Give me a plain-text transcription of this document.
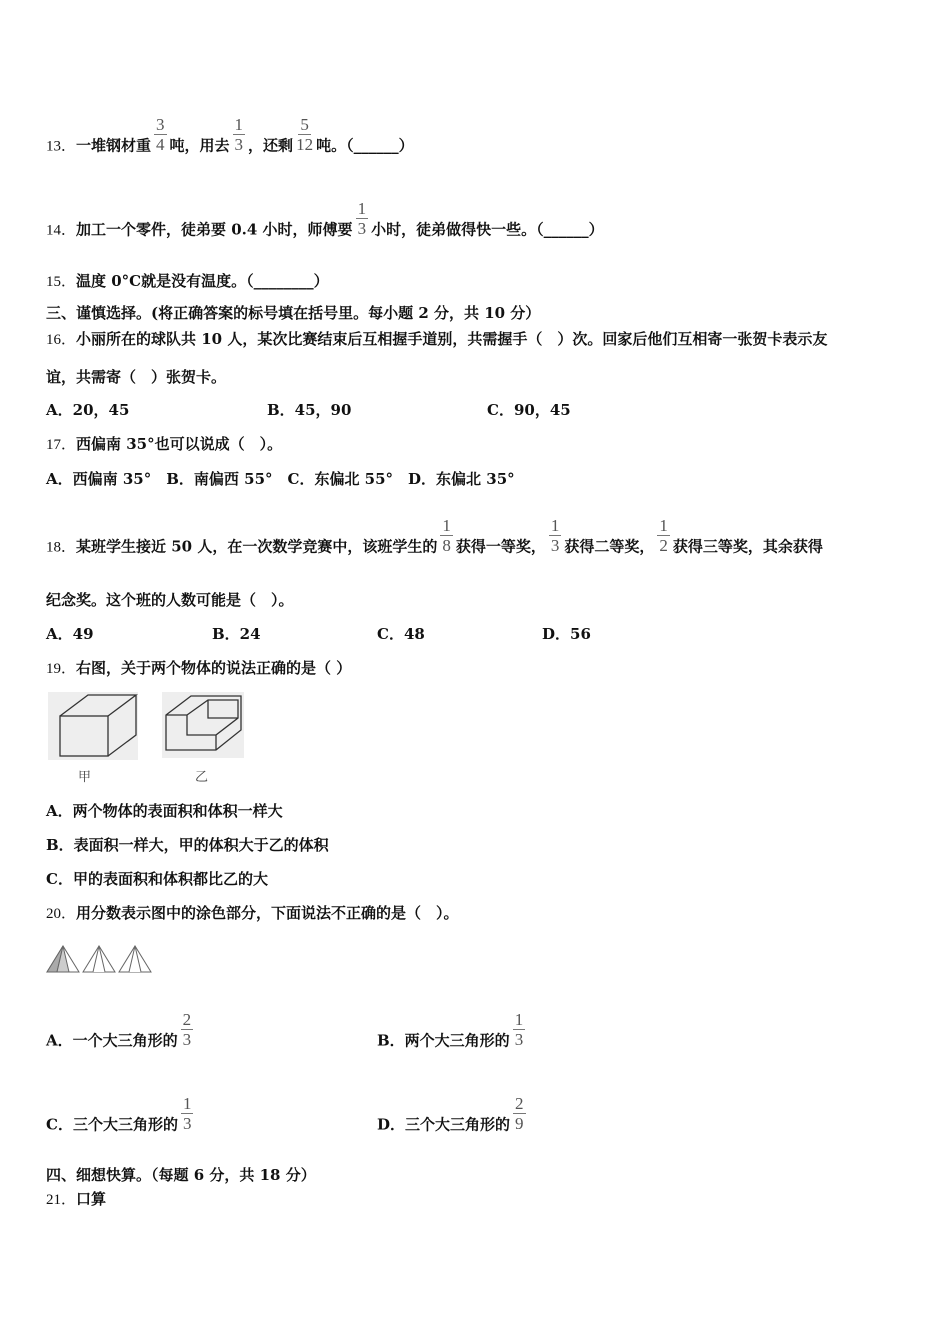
13．一堆钢材重 $\frac{3}{4}$ 吨，用去 $\frac{1}{3}$ ，还剩 $\frac{5}{12}$ 吨。（______）
14．加工一个零件，徒弟要 0.4 小时，师傅要 $\frac{1}{3}$ 小时，徒弟做得快一些。（______）
15．温度 0°C就是没有温度。（________）
三、谨慎选择。(将正确答案的标号填在括号里。每小题 2 分，共 10 分）
16．小丽所在的球队共 10 人，某次比赛结束后互相握手道别，共需握手（　）次。回家后他们互相寄一张贺卡表示友
谊，共需寄（　）张贺卡。
A．20，45	B．45，90	C．90，45
17．西偏南 35°也可以说成（　）。
A．西偏南 35°　B．南偏西 55°　C．东偏北 55°　D．东偏北 35°
18．某班学生接近 50 人，在一次数学竞赛中，该班学生的 $\frac{1}{8}$ 获得一等奖， $\frac{1}{3}$ 获得二等奖， $\frac{1}{2}$ 获得三等奖，其余获得
纪念奖。这个班的人数可能是（　）。
A．49	B．24	C．48	D．56
19．右图，关于两个物体的说法正确的是（ ）
甲	乙
A．两个物体的表面积和体积一样大
B．表面积一样大，甲的体积大于乙的体积
C．甲的表面积和体积都比乙的大
20．用分数表示图中的涂色部分，下面说法不正确的是（　）。
A．一个大三角形的 $\frac{2}{3}$	B．两个大三角形的 $\frac{1}{3}$
C．三个大三角形的 $\frac{1}{3}$	D．三个大三角形的 $\frac{2}{9}$
四、细想快算。（每题 6 分，共 18 分）
21．口算
